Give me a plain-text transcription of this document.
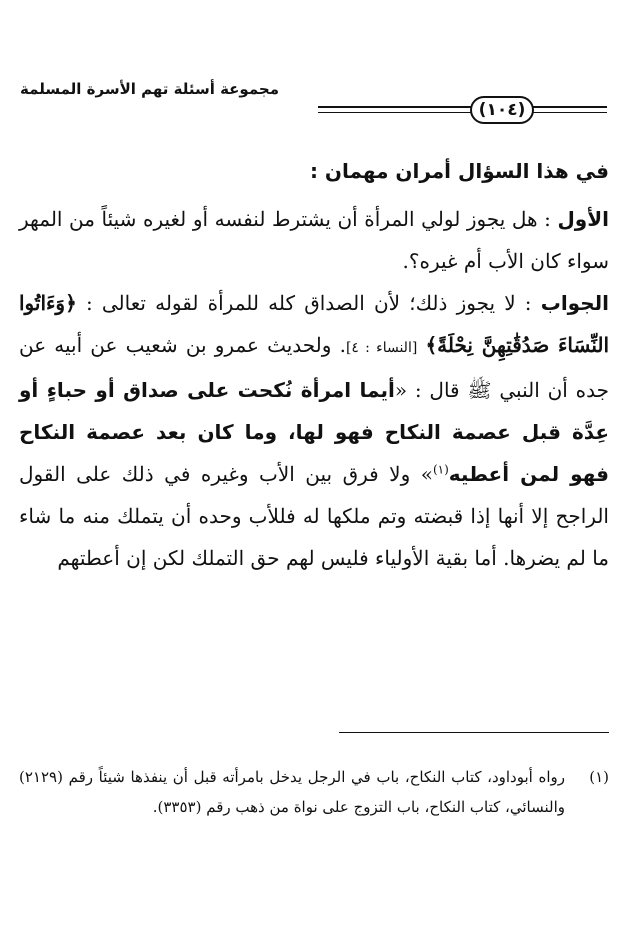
مجموعة أسئلة تهم الأسرة المسلمة
(١٠٤)

في هذا السؤال أمران مهمان :

الأول : هل يجوز لولي المرأة أن يشترط لنفسه أو لغيره شيئاً من المهر سواء كان الأب أم غيره؟.

الجواب : لا يجوز ذلك؛ لأن الصداق كله للمرأة لقوله تعالى : ﴿وَءَاتُوا النِّسَاءَ صَدُقَٰتِهِنَّ نِحْلَةً﴾ [النساء : ٤]. ولحديث عمرو بن شعيب عن أبيه عن جده أن النبي ﷺ قال : «أيما امرأة نُكحت على صداق أو حباءٍ أو عِدَّة قبل عصمة النكاح فهو لها، وما كان بعد عصمة النكاح فهو لمن أعطيه$^{(١)}$» ولا فرق بين الأب وغيره في ذلك على القول الراجح إلا أنها إذا قبضته وتم ملكها له فللأب وحده أن يتملك منه ما شاء ما لم يضرها. أما بقية الأولياء فليس لهم حق التملك لكن إن أعطتهم

(١)
رواه أبوداود، كتاب النكاح، باب في الرجل يدخل بامرأته قبل أن ينفذها شيئاً رقم (٢١٢٩) والنسائي، كتاب النكاح، باب التزوج على نواة من ذهب رقم (٣٣٥٣).
